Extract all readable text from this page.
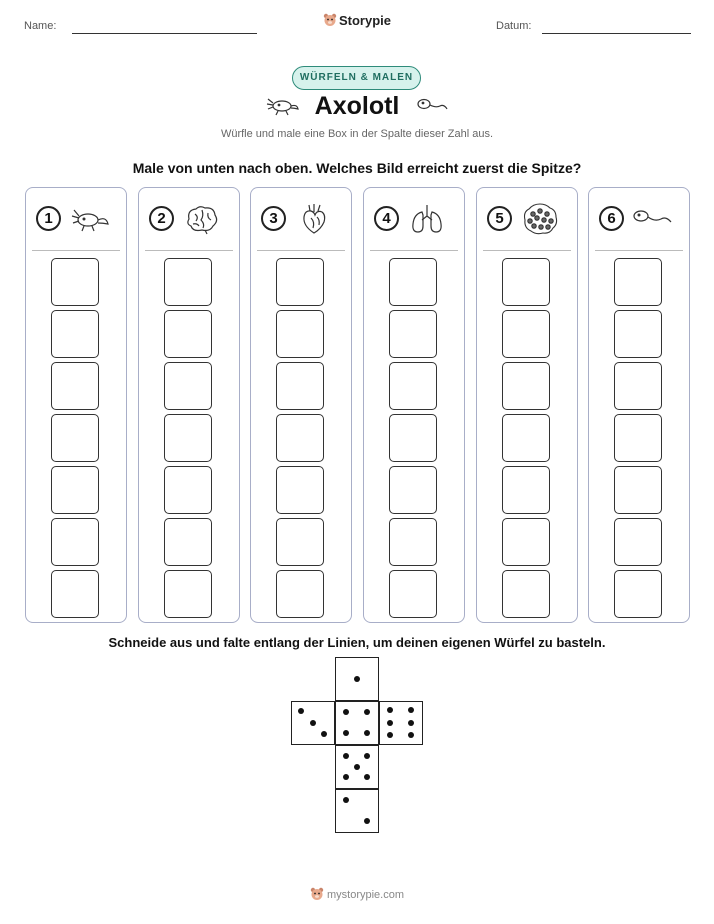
Name:	Datum:
Storypie
WÜRFELN & MALEN
Axolotl
Würfle und male eine Box in der Spalte dieser Zahl aus.
Male von unten nach oben. Welches Bild erreicht zuerst die Spitze?
1	2	3	4	5	6
Schneide aus und falte entlang der Linien, um deinen eigenen Würfel zu basteln.
mystorypie.com
